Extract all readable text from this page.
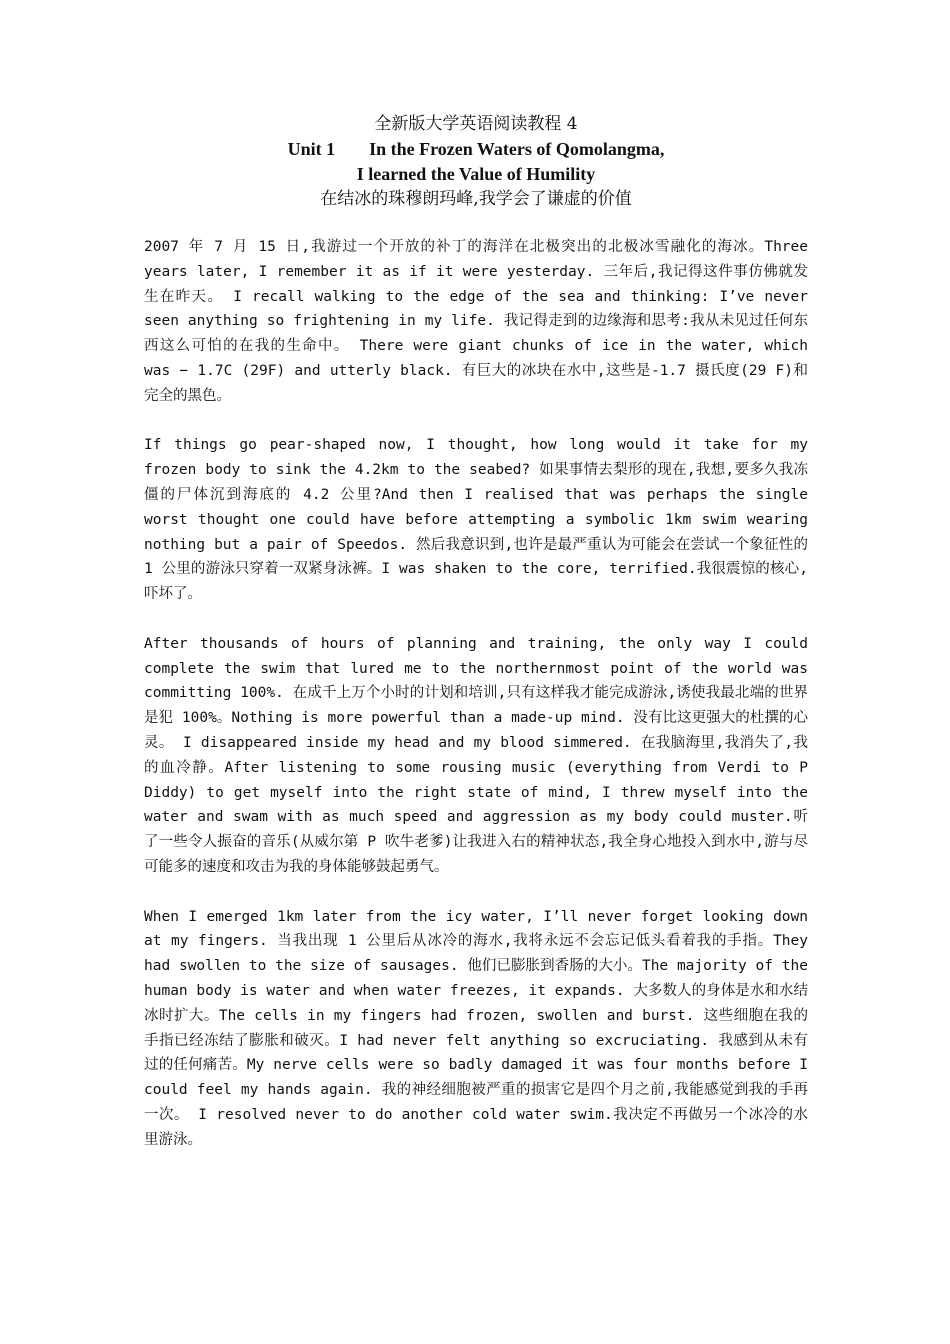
全新版大学英语阅读教程 4
Unit 1 In the Frozen Waters of Qomolangma,
I learned the Value of Humility
在结冰的珠穆朗玛峰,我学会了谦虚的价值

2007 年 7 月 15 日,我游过一个开放的补丁的海洋在北极突出的北极冰雪融化的海冰。Three years later, I remember it as if it were yesterday. 三年后,我记得这件事仿佛就发生在昨天。 I recall walking to the edge of the sea and thinking: I’ve never seen anything so frightening in my life. 我记得走到的边缘海和思考:我从未见过任何东西这么可怕的在我的生命中。 There were giant chunks of ice in the water, which was − 1.7C (29F) and utterly black. 有巨大的冰块在水中,这些是-1.7 摄氏度(29 F)和完全的黑色。

If things go pear-shaped now, I thought, how long would it take for my frozen body to sink the 4.2km to the seabed? 如果事情去梨形的现在,我想,要多久我冻僵的尸体沉到海底的 4.2 公里?And then I realised that was perhaps the single worst thought one could have before attempting a symbolic 1km swim wearing nothing but a pair of Speedos. 然后我意识到,也许是最严重认为可能会在尝试一个象征性的 1 公里的游泳只穿着一双紧身泳裤。I was shaken to the core, terrified.我很震惊的核心,吓坏了。

After thousands of hours of planning and training, the only way I could complete the swim that lured me to the northernmost point of the world was committing 100%. 在成千上万个小时的计划和培训,只有这样我才能完成游泳,诱使我最北端的世界是犯 100%。Nothing is more powerful than a made-up mind. 没有比这更强大的杜撰的心灵。 I disappeared inside my head and my blood simmered. 在我脑海里,我消失了,我的血冷静。After listening to some rousing music (everything from Verdi to P Diddy) to get myself into the right state of mind, I threw myself into the water and swam with as much speed and aggression as my body could muster.听了一些令人振奋的音乐(从威尔第 P 吹牛老爹)让我进入右的精神状态,我全身心地投入到水中,游与尽可能多的速度和攻击为我的身体能够鼓起勇气。

When I emerged 1km later from the icy water, I’ll never forget looking down at my fingers. 当我出现 1 公里后从冰冷的海水,我将永远不会忘记低头看着我的手指。They had swollen to the size of sausages. 他们已膨胀到香肠的大小。The majority of the human body is water and when water freezes, it expands. 大多数人的身体是水和水结冰时扩大。The cells in my fingers had frozen, swollen and burst. 这些细胞在我的手指已经冻结了膨胀和破灭。I had never felt anything so excruciating. 我感到从未有过的任何痛苦。My nerve cells were so badly damaged it was four months before I could feel my hands again. 我的神经细胞被严重的损害它是四个月之前,我能感觉到我的手再一次。 I resolved never to do another cold water swim.我决定不再做另一个冰冷的水里游泳。
